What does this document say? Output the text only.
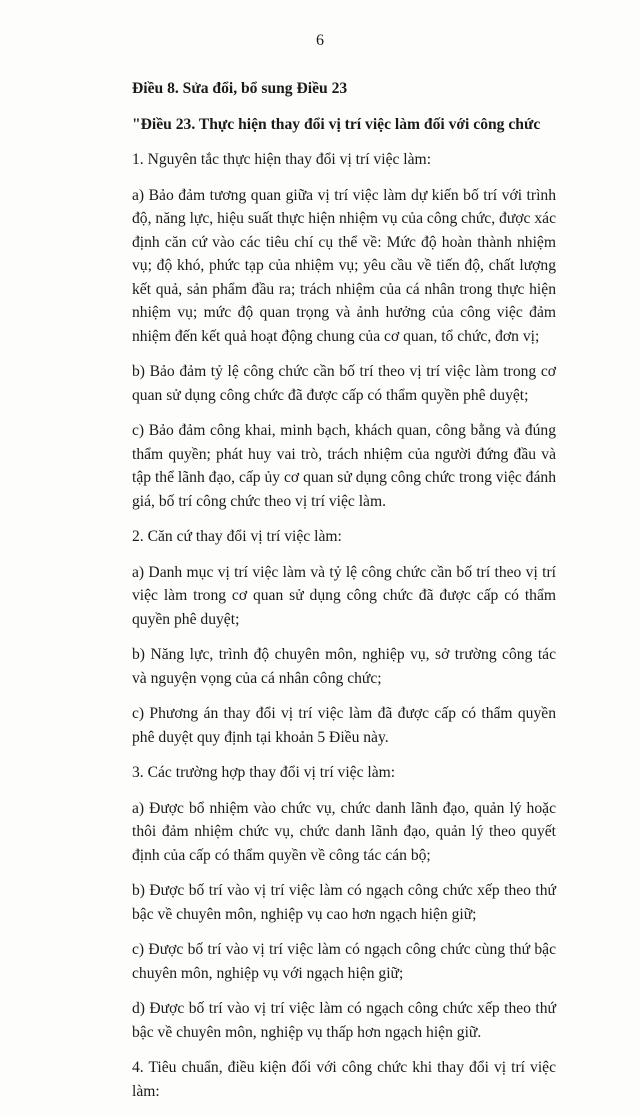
6

Điều 8. Sửa đổi, bổ sung Điều 23

"Điều 23. Thực hiện thay đổi vị trí việc làm đối với công chức

1. Nguyên tắc thực hiện thay đổi vị trí việc làm:

a) Bảo đảm tương quan giữa vị trí việc làm dự kiến bố trí với trình độ, năng lực, hiệu suất thực hiện nhiệm vụ của công chức, được xác định căn cứ vào các tiêu chí cụ thể về: Mức độ hoàn thành nhiệm vụ; độ khó, phức tạp của nhiệm vụ; yêu cầu về tiến độ, chất lượng kết quả, sản phẩm đầu ra; trách nhiệm của cá nhân trong thực hiện nhiệm vụ; mức độ quan trọng và ảnh hưởng của công việc đảm nhiệm đến kết quả hoạt động chung của cơ quan, tổ chức, đơn vị;

b) Bảo đảm tỷ lệ công chức cần bố trí theo vị trí việc làm trong cơ quan sử dụng công chức đã được cấp có thẩm quyền phê duyệt;

c) Bảo đảm công khai, minh bạch, khách quan, công bằng và đúng thẩm quyền; phát huy vai trò, trách nhiệm của người đứng đầu và tập thể lãnh đạo, cấp ủy cơ quan sử dụng công chức trong việc đánh giá, bố trí công chức theo vị trí việc làm.

2. Căn cứ thay đổi vị trí việc làm:

a) Danh mục vị trí việc làm và tỷ lệ công chức cần bố trí theo vị trí việc làm trong cơ quan sử dụng công chức đã được cấp có thẩm quyền phê duyệt;

b) Năng lực, trình độ chuyên môn, nghiệp vụ, sở trường công tác và nguyện vọng của cá nhân công chức;

c) Phương án thay đổi vị trí việc làm đã được cấp có thẩm quyền phê duyệt quy định tại khoản 5 Điều này.

3. Các trường hợp thay đổi vị trí việc làm:

a) Được bổ nhiệm vào chức vụ, chức danh lãnh đạo, quản lý hoặc thôi đảm nhiệm chức vụ, chức danh lãnh đạo, quản lý theo quyết định của cấp có thẩm quyền về công tác cán bộ;

b) Được bố trí vào vị trí việc làm có ngạch công chức xếp theo thứ bậc về chuyên môn, nghiệp vụ cao hơn ngạch hiện giữ;

c) Được bố trí vào vị trí việc làm có ngạch công chức cùng thứ bậc chuyên môn, nghiệp vụ với ngạch hiện giữ;

d) Được bố trí vào vị trí việc làm có ngạch công chức xếp theo thứ bậc về chuyên môn, nghiệp vụ thấp hơn ngạch hiện giữ.

4. Tiêu chuẩn, điều kiện đối với công chức khi thay đổi vị trí việc làm:
